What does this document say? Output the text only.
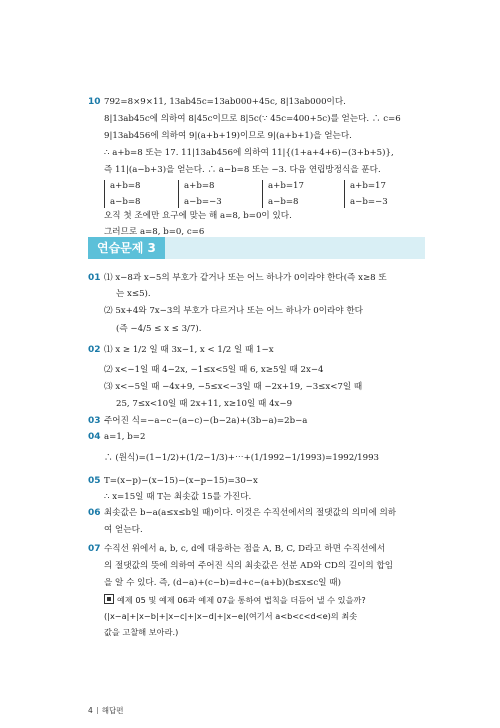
10 792=8×9×11, 13ab45c=13ab000+45c, 8|13ab000이다.
8|13ab45c에 의하여 8|45c이므로 8|5c(∵ 45c=400+5c)를 얻는다. ∴ c=6
9|13ab456에 의하여 9|(a+b+19)이므로 9|(a+b+1)을 얻는다.
∴ a+b=8 또는 17. 11|13ab456에 의하여 11|{(1+a+4+6)−(3+b+5)},
즉 11|(a−b+3)을 얻는다. ∴ a−b=8 또는 −3. 다음 연립방정식을 푼다.
a+b=8
a−b=8
a+b=8
a−b=−3
a+b=17
a−b=8
a+b=17
a−b=−3
오직 첫 조에만 요구에 맞는 해 a=8, b=0이 있다.
그러므로 a=8, b=0, c=6
연습문제 3
01 ⑴ x−8과 x−5의 부호가 같거나 또는 어느 하나가 0이라야 한다(즉 x≥8 또
는 x≤5).
⑵ 5x+4와 7x−3의 부호가 다르거나 또는 어느 하나가 0이라야 한다
(즉 −4/5 ≤ x ≤ 3/7).
02 ⑴ x ≥ 1/2 일 때 3x−1, x < 1/2 일 때 1−x
⑵ x<−1일 때 4−2x, −1≤x<5일 때 6, x≥5일 때 2x−4
⑶ x<−5일 때 −4x+9, −5≤x<−3일 때 −2x+19, −3≤x<7일 때
25, 7≤x<10일 때 2x+11, x≥10일 때 4x−9
03 주어진 식=−a−c−(a−c)−(b−2a)+(3b−a)=2b−a
04 a=1, b=2
∴ (원식)=(1−1/2)+(1/2−1/3)+⋯+(1/1992−1/1993)=1992/1993
05 T=(x−p)−(x−15)−(x−p−15)=30−x
∴ x=15일 때 T는 최솟값 15를 가진다.
06 최솟값은 b−a(a≤x≤b일 때)이다. 이것은 수직선에서의 절댓값의 의미에 의하
여 얻는다.
07 수직선 위에서 a, b, c, d에 대응하는 점을 A, B, C, D라고 하면 수직선에서
의 절댓값의 뜻에 의하여 주어진 식의 최솟값은 선분 AD와 CD의 길이의 합임
을 알 수 있다. 즉, (d−a)+(c−b)=d+c−(a+b)(b≤x≤c일 때)
예제 05 및 예제 06과 예제 07을 통하여 법칙을 더듬어 낼 수 있을까?
(|x−a|+|x−b|+|x−c|+|x−d|+|x−e|(여기서 a<b<c<d<e)의 최솟
값을 고찰해 보아라.)
4 해답편
